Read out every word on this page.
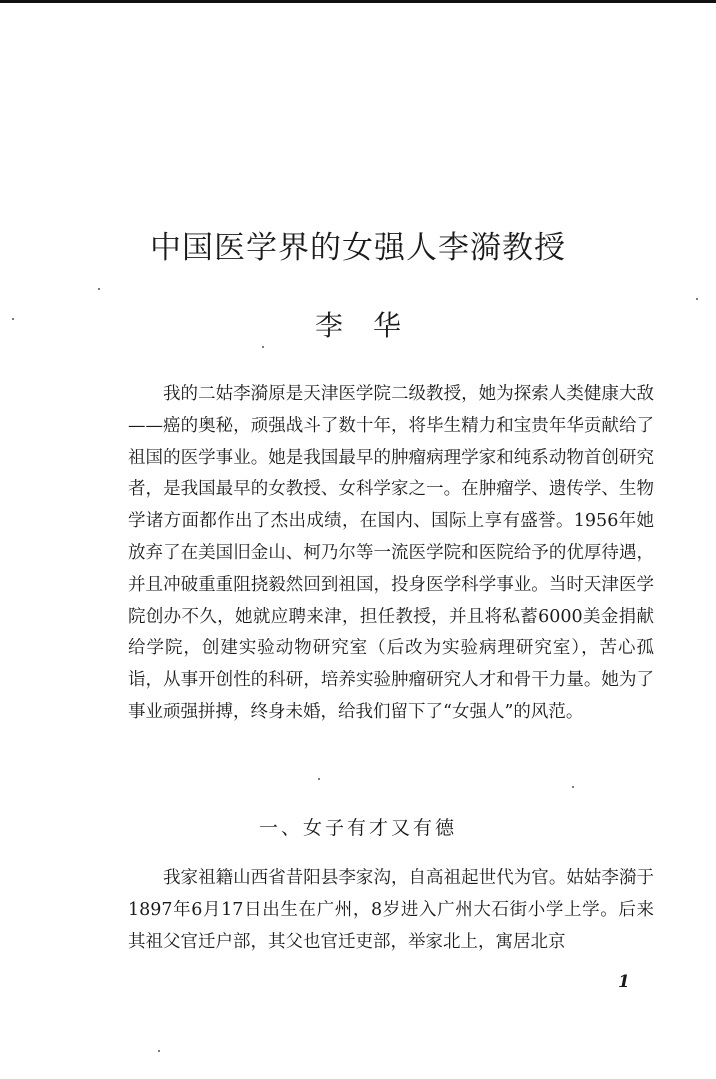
中国医学界的女强人李漪教授
李华
我的二姑李漪原是天津医学院二级教授，她为探索人类健康大敌——癌的奥秘，顽强战斗了数十年，将毕生精力和宝贵年华贡献给了祖国的医学事业。她是我国最早的肿瘤病理学家和纯系动物首创研究者，是我国最早的女教授、女科学家之一。在肿瘤学、遗传学、生物学诸方面都作出了杰出成绩，在国内、国际上享有盛誉。1956年她放弃了在美国旧金山、柯乃尔等一流医学院和医院给予的优厚待遇，并且冲破重重阻挠毅然回到祖国，投身医学科学事业。当时天津医学院创办不久，她就应聘来津，担任教授，并且将私蓄6000美金捐献给学院，创建实验动物研究室（后改为实验病理研究室），苦心孤诣，从事开创性的科研，培养实验肿瘤研究人才和骨干力量。她为了事业顽强拼搏，终身未婚，给我们留下了“女强人”的风范。
一、女子有才又有德
我家祖籍山西省昔阳县李家沟，自高祖起世代为官。姑姑李漪于1897年6月17日出生在广州，8岁进入广州大石街小学上学。后来其祖父官迁户部，其父也官迁吏部，举家北上，寓居北京
1
